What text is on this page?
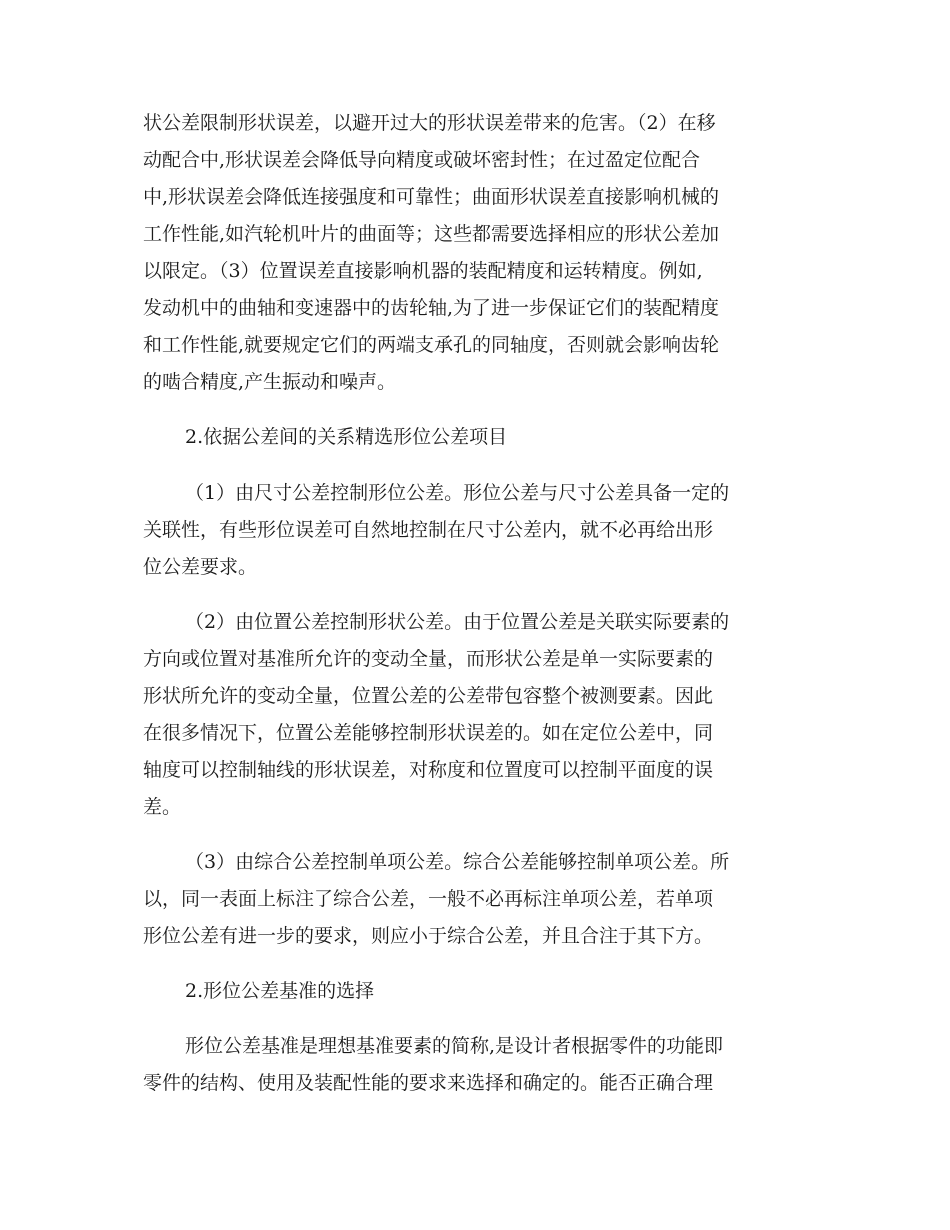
状公差限制形状误差，以避开过大的形状误差带来的危害。（2）在移
动配合中,形状误差会降低导向精度或破坏密封性；在过盈定位配合
中,形状误差会降低连接强度和可靠性；曲面形状误差直接影响机械的
工作性能,如汽轮机叶片的曲面等；这些都需要选择相应的形状公差加
以限定。（3）位置误差直接影响机器的装配精度和运转精度。例如,
发动机中的曲轴和变速器中的齿轮轴,为了进一步保证它们的装配精度
和工作性能,就要规定它们的两端支承孔的同轴度，否则就会影响齿轮
的啮合精度,产生振动和噪声。
2.依据公差间的关系精选形位公差项目
（1）由尺寸公差控制形位公差。形位公差与尺寸公差具备一定的
关联性，有些形位误差可自然地控制在尺寸公差内，就不必再给出形
位公差要求。
（2）由位置公差控制形状公差。由于位置公差是关联实际要素的
方向或位置对基准所允许的变动全量，而形状公差是单一实际要素的
形状所允许的变动全量，位置公差的公差带包容整个被测要素。因此
在很多情况下，位置公差能够控制形状误差的。如在定位公差中，同
轴度可以控制轴线的形状误差，对称度和位置度可以控制平面度的误
差。
（3）由综合公差控制单项公差。综合公差能够控制单项公差。所
以，同一表面上标注了综合公差，一般不必再标注单项公差，若单项
形位公差有进一步的要求，则应小于综合公差，并且合注于其下方。
2.形位公差基准的选择
形位公差基准是理想基准要素的简称,是设计者根据零件的功能即
零件的结构、使用及装配性能的要求来选择和确定的。能否正确合理
